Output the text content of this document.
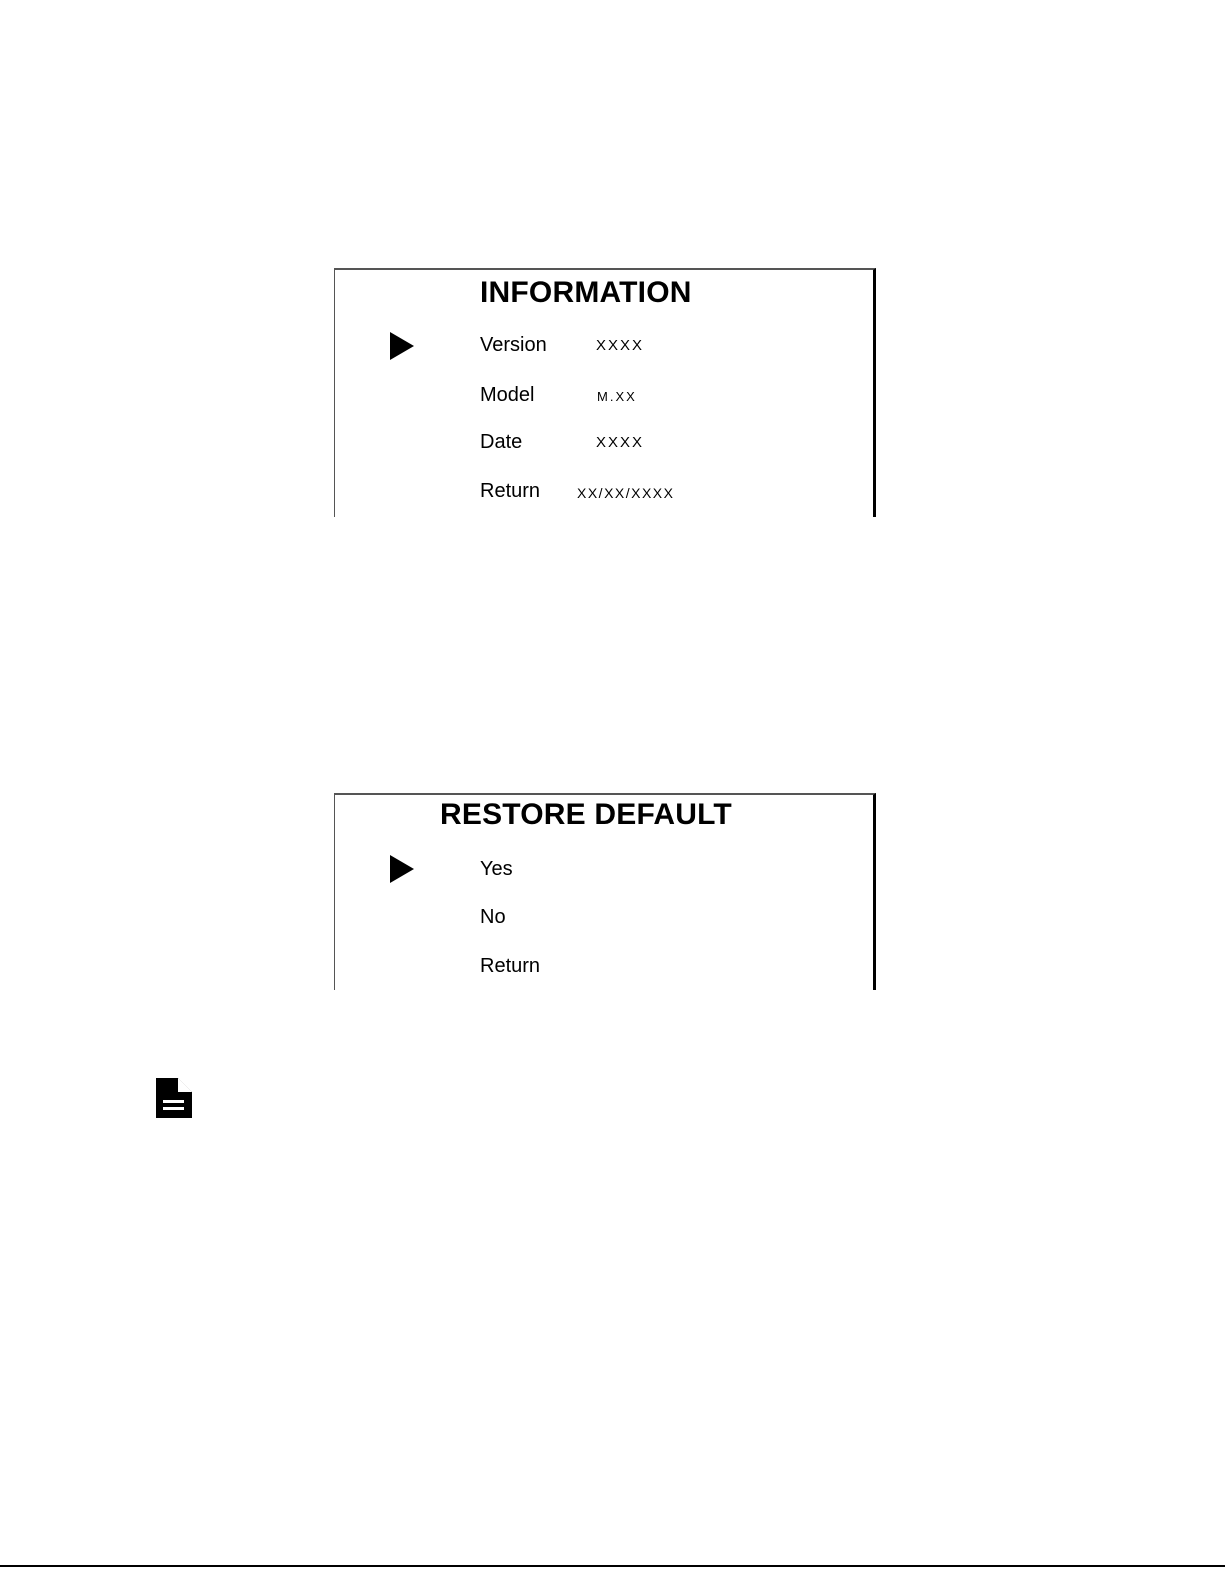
INFORMATION
Version	XXXX
Model	M.XX
Date	XXXX
Return	XX/XX/XXXX
RESTORE DEFAULT
Yes
No
Return
